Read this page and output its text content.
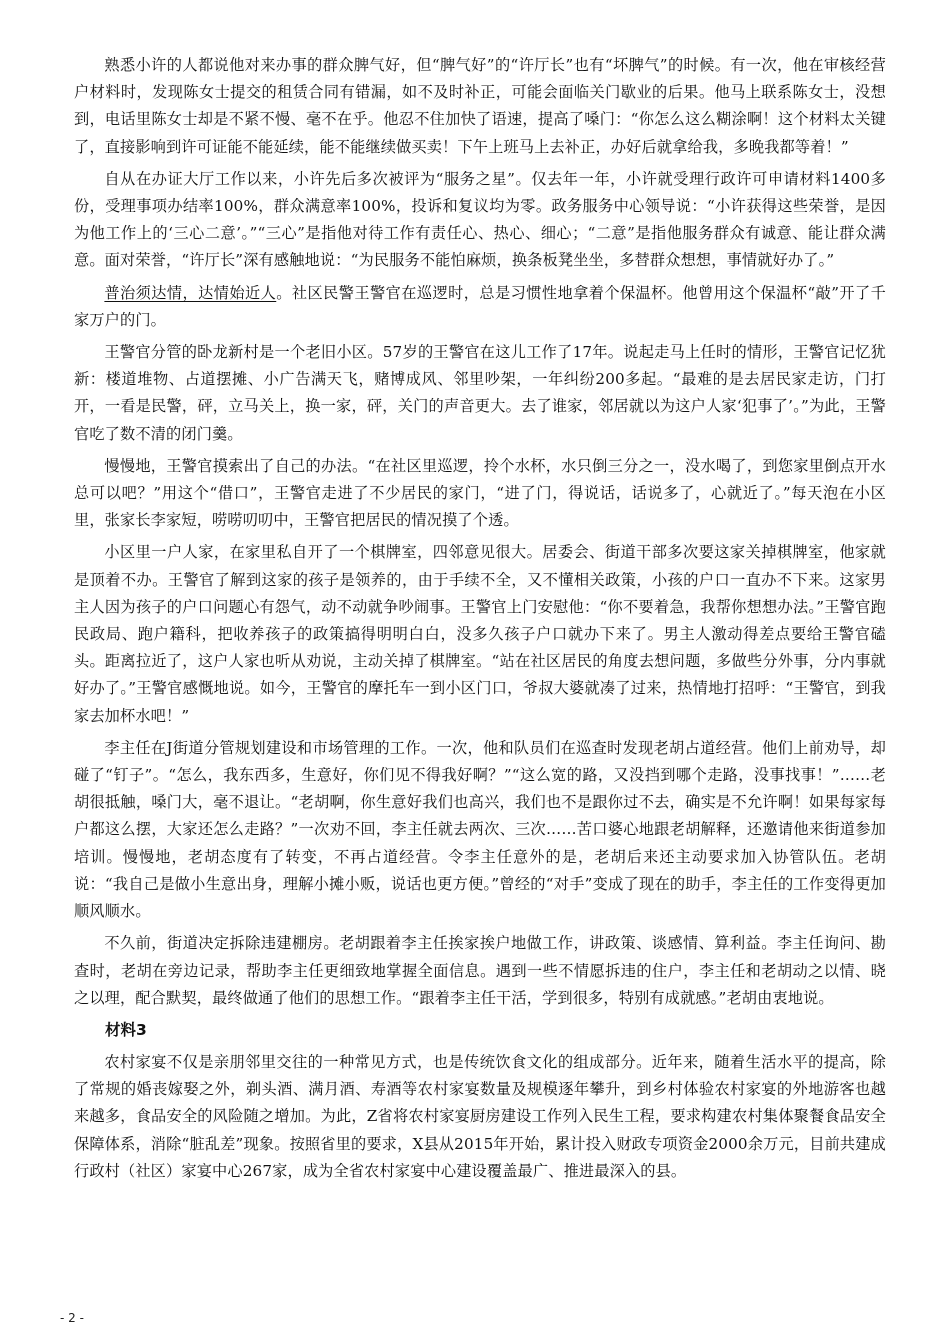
熟悉小许的人都说他对来办事的群众脾气好，但“脾气好”的“许厅长”也有“坏脾气”的时候。有一次，他在审核经营户材料时，发现陈女士提交的租赁合同有错漏，如不及时补正，可能会面临关门歇业的后果。他马上联系陈女士，没想到，电话里陈女士却是不紧不慢、毫不在乎。他忍不住加快了语速，提高了嗓门：“你怎么这么糊涂啊！这个材料太关键了，直接影响到许可证能不能延续，能不能继续做买卖！下午上班马上去补正，办好后就拿给我，多晚我都等着！”

自从在办证大厅工作以来，小许先后多次被评为“服务之星”。仅去年一年，小许就受理行政许可申请材料1400多份，受理事项办结率100%，群众满意率100%，投诉和复议均为零。政务服务中心领导说：“小许获得这些荣誉，是因为他工作上的‘三心二意’。”“三心”是指他对待工作有责任心、热心、细心；“二意”是指他服务群众有诚意、能让群众满意。面对荣誉，“许厅长”深有感触地说：“为民服务不能怕麻烦，换条板凳坐坐，多替群众想想，事情就好办了。”

普治须达情，达情始近人。社区民警王警官在巡逻时，总是习惯性地拿着个保温杯。他曾用这个保温杯“敲”开了千家万户的门。

王警官分管的卧龙新村是一个老旧小区。57岁的王警官在这儿工作了17年。说起走马上任时的情形，王警官记忆犹新：楼道堆物、占道摆摊、小广告满天飞，赌博成风、邻里吵架，一年纠纷200多起。“最难的是去居民家走访，门打开，一看是民警，砰，立马关上，换一家，砰，关门的声音更大。去了谁家，邻居就以为这户人家‘犯事了’。”为此，王警官吃了数不清的闭门羹。

慢慢地，王警官摸索出了自己的办法。“在社区里巡逻，拎个水杯，水只倒三分之一，没水喝了，到您家里倒点开水总可以吧？”用这个“借口”，王警官走进了不少居民的家门，“进了门，得说话，话说多了，心就近了。”每天泡在小区里，张家长李家短，唠唠叨叨中，王警官把居民的情况摸了个透。

小区里一户人家，在家里私自开了一个棋牌室，四邻意见很大。居委会、街道干部多次要这家关掉棋牌室，他家就是顶着不办。王警官了解到这家的孩子是领养的，由于手续不全，又不懂相关政策，小孩的户口一直办不下来。这家男主人因为孩子的户口问题心有怨气，动不动就争吵闹事。王警官上门安慰他：“你不要着急，我帮你想想办法。”王警官跑民政局、跑户籍科，把收养孩子的政策搞得明明白白，没多久孩子户口就办下来了。男主人激动得差点要给王警官磕头。距离拉近了，这户人家也听从劝说，主动关掉了棋牌室。“站在社区居民的角度去想问题，多做些分外事，分内事就好办了。”王警官感慨地说。如今，王警官的摩托车一到小区门口，爷叔大婆就凑了过来，热情地打招呼：“王警官，到我家去加杯水吧！”

李主任在J街道分管规划建设和市场管理的工作。一次，他和队员们在巡查时发现老胡占道经营。他们上前劝导，却碰了“钉子”。“怎么，我东西多，生意好，你们见不得我好啊？”“这么宽的路，又没挡到哪个走路，没事找事！”……老胡很抵触，嗓门大，毫不退让。“老胡啊，你生意好我们也高兴，我们也不是跟你过不去，确实是不允许啊！如果每家每户都这么摆，大家还怎么走路？”一次劝不回，李主任就去两次、三次……苦口婆心地跟老胡解释，还邀请他来街道参加培训。慢慢地，老胡态度有了转变，不再占道经营。令李主任意外的是，老胡后来还主动要求加入协管队伍。老胡说：“我自己是做小生意出身，理解小摊小贩，说话也更方便。”曾经的“对手”变成了现在的助手，李主任的工作变得更加顺风顺水。

不久前，街道决定拆除违建棚房。老胡跟着李主任挨家挨户地做工作，讲政策、谈感情、算利益。李主任询问、勘查时，老胡在旁边记录，帮助李主任更细致地掌握全面信息。遇到一些不情愿拆违的住户，李主任和老胡动之以情、晓之以理，配合默契，最终做通了他们的思想工作。“跟着李主任干活，学到很多，特别有成就感。”老胡由衷地说。

材料3

农村家宴不仅是亲朋邻里交往的一种常见方式，也是传统饮食文化的组成部分。近年来，随着生活水平的提高，除了常规的婚丧嫁娶之外，剃头酒、满月酒、寿酒等农村家宴数量及规模逐年攀升，到乡村体验农村家宴的外地游客也越来越多，食品安全的风险随之增加。为此，Z省将农村家宴厨房建设工作列入民生工程，要求构建农村集体聚餐食品安全保障体系，消除“脏乱差”现象。按照省里的要求，X县从2015年开始，累计投入财政专项资金2000余万元，目前共建成行政村（社区）家宴中心267家，成为全省农村家宴中心建设覆盖最广、推进最深入的县。

- 2 -
